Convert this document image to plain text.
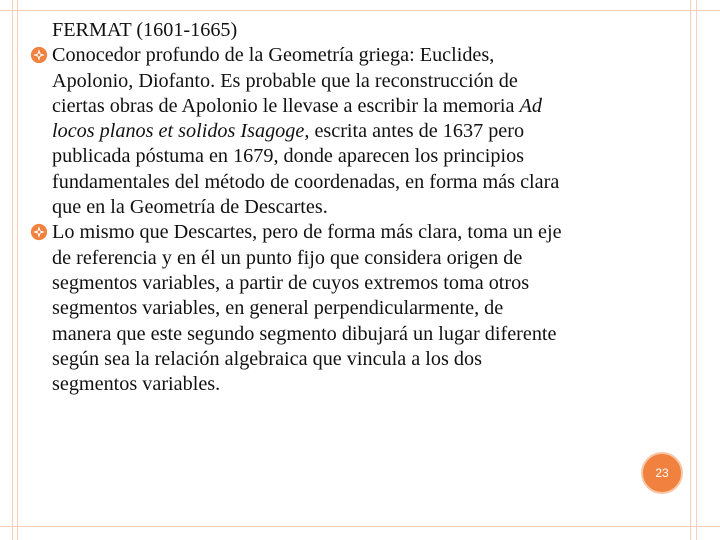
FERMAT (1601-1665)
Conocedor profundo de la Geometría griega: Euclides,
Apolonio, Diofanto. Es probable que la reconstrucción de
ciertas obras de Apolonio le llevase a escribir la memoria Ad
locos planos et solidos Isagoge, escrita antes de 1637 pero
publicada póstuma en 1679, donde aparecen los principios
fundamentales del método de coordenadas, en forma más clara
que en la Geometría de Descartes.
Lo mismo que Descartes, pero de forma más clara, toma un eje
de referencia y en él un punto fijo que considera origen de
segmentos variables, a partir de cuyos extremos toma otros
segmentos variables, en general perpendicularmente, de
manera que este segundo segmento dibujará un lugar diferente
según sea la relación algebraica que vincula a los dos
segmentos variables.
23
